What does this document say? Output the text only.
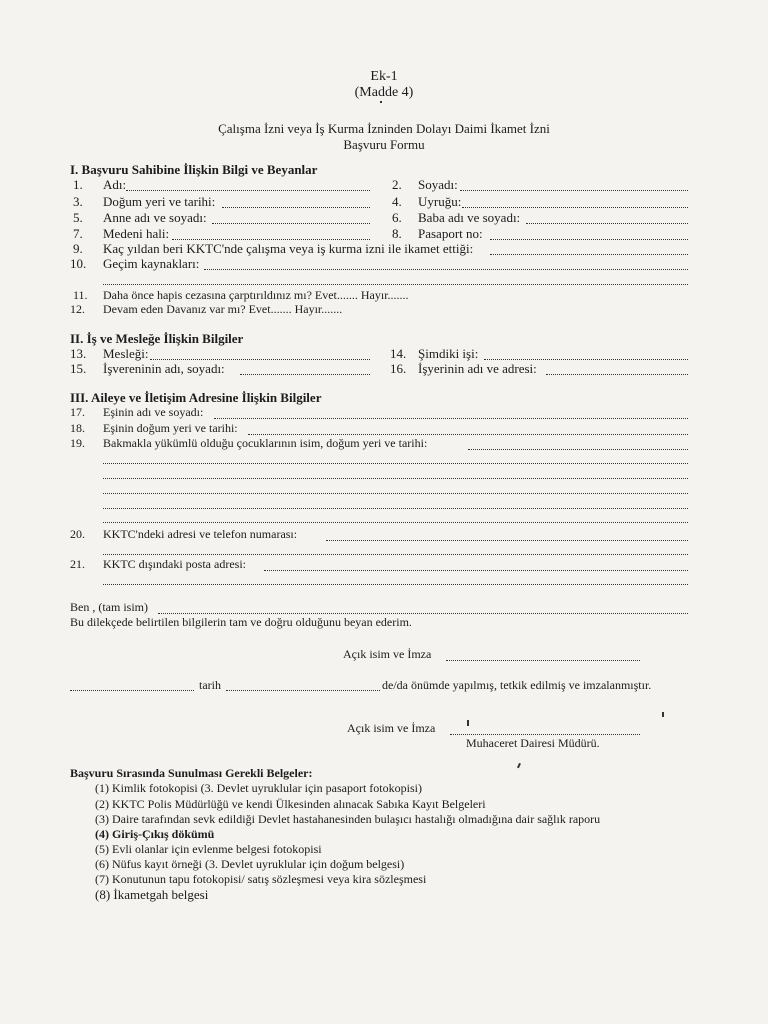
Ek-1
(Madde 4)
Çalışma İzni veya İş Kurma İzninden Dolayı Daimi İkamet İzni
Başvuru Formu
I. Başvuru Sahibine İlişkin Bilgi ve Beyanlar
1. Adı:	2. Soyadı:
3. Doğum yeri ve tarihi:	4. Uyruğu:
5. Anne adı ve soyadı:	6. Baba adı ve soyadı:
7. Medeni hali:	8. Pasaport no:
9. Kaç yıldan beri KKTC'nde çalışma veya iş kurma izni ile ikamet ettiği:
10. Geçim kaynakları:
11. Daha önce hapis cezasına çarptırıldınız mı? Evet....... Hayır.......
12. Devam eden Davanız var mı? Evet....... Hayır.......
II. İş ve Mesleğe İlişkin Bilgiler
13. Mesleği:	14. Şimdiki işi:
15. İşvereninin adı, soyadı:	16. İşyerinin adı ve adresi:
III. Aileye ve İletişim Adresine İlişkin Bilgiler
17. Eşinin adı ve soyadı:
18. Eşinin doğum yeri ve tarihi:
19. Bakmakla yükümlü olduğu çocuklarının isim, doğum yeri ve tarihi:
20. KKTC'ndeki adresi ve telefon numarası:
21. KKTC dışındaki posta adresi:
Ben , (tam isim)
Bu dilekçede belirtilen bilgilerin tam ve doğru olduğunu beyan ederim.
Açık isim ve İmza
tarih	de/da önümde yapılmış, tetkik edilmiş ve imzalanmıştır.
Açık isim ve İmza
Muhaceret Dairesi Müdürü.
Başvuru Sırasında Sunulması Gerekli Belgeler:
(1) Kimlik fotokopisi (3. Devlet uyruklular için pasaport fotokopisi)
(2) KKTC Polis Müdürlüğü ve kendi Ülkesinden alınacak Sabıka Kayıt Belgeleri
(3) Daire tarafından sevk edildiği Devlet hastahanesinden bulaşıcı hastalığı olmadığına dair sağlık raporu
(4) Giriş-Çıkış dökümü
(5) Evli olanlar için evlenme belgesi fotokopisi
(6) Nüfus kayıt örneği (3. Devlet uyruklular için doğum belgesi)
(7) Konutunun tapu fotokopisi/ satış sözleşmesi veya kira sözleşmesi
(8) İkametgah belgesi
